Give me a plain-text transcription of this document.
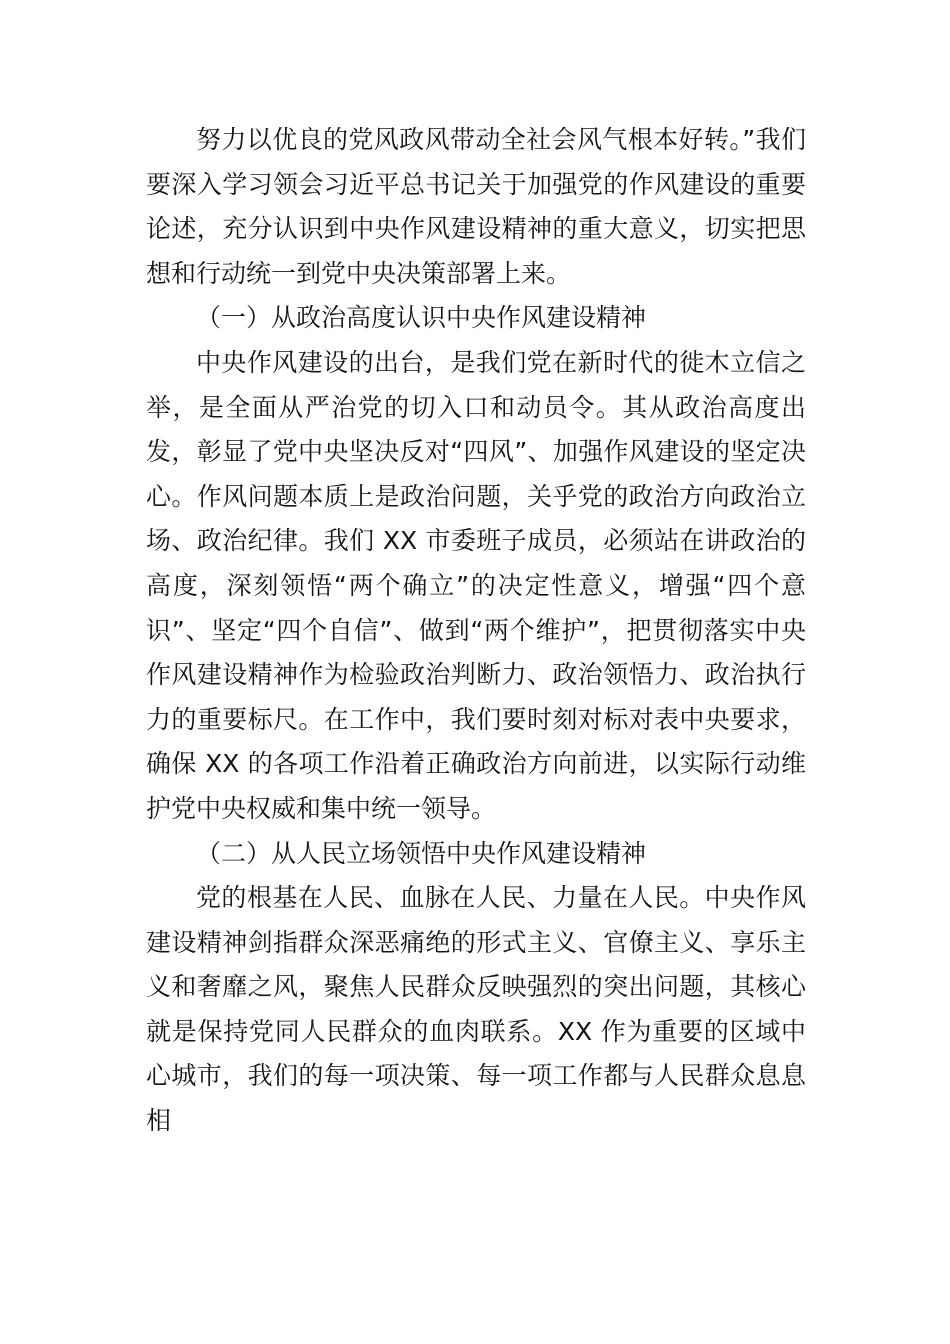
努力以优良的党风政风带动全社会风气根本好转。”我们要深入学习领会习近平总书记关于加强党的作风建设的重要论述，充分认识到中央作风建设精神的重大意义，切实把思想和行动统一到党中央决策部署上来。

（一）从政治高度认识中央作风建设精神

中央作风建设的出台，是我们党在新时代的徙木立信之举，是全面从严治党的切入口和动员令。其从政治高度出发，彰显了党中央坚决反对“四风”、加强作风建设的坚定决心。作风问题本质上是政治问题，关乎党的政治方向政治立场、政治纪律。我们 XX 市委班子成员，必须站在讲政治的高度，深刻领悟“两个确立”的决定性意义，增强“四个意识”、坚定“四个自信”、做到“两个维护”，把贯彻落实中央作风建设精神作为检验政治判断力、政治领悟力、政治执行力的重要标尺。在工作中，我们要时刻对标对表中央要求，确保 XX 的各项工作沿着正确政治方向前进，以实际行动维护党中央权威和集中统一领导。

（二）从人民立场领悟中央作风建设精神

党的根基在人民、血脉在人民、力量在人民。中央作风建设精神剑指群众深恶痛绝的形式主义、官僚主义、享乐主义和奢靡之风，聚焦人民群众反映强烈的突出问题，其核心就是保持党同人民群众的血肉联系。XX 作为重要的区域中心城市，我们的每一项决策、每一项工作都与人民群众息息相
